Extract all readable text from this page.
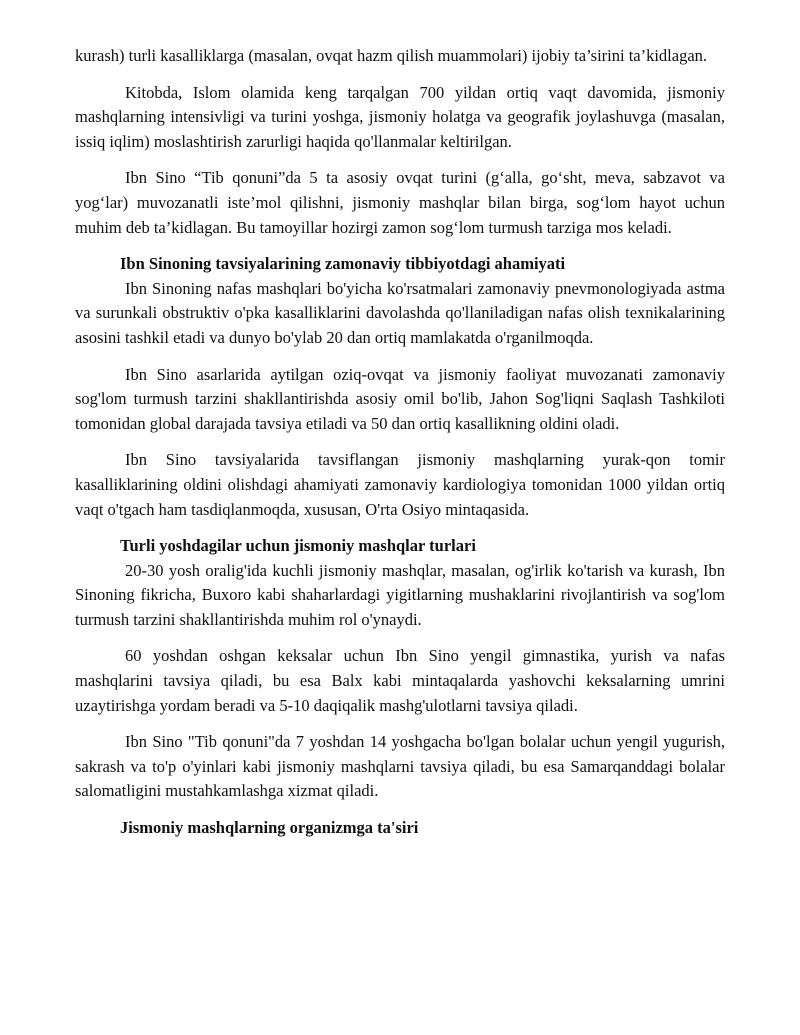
kurash) turli kasalliklarga (masalan, ovqat hazm qilish muammolari) ijobiy ta’sirini ta’kidlagan.

Kitobda, Islom olamida keng tarqalgan 700 yildan ortiq vaqt davomida, jismoniy mashqlarning intensivligi va turini yoshga, jismoniy holatga va geografik joylashuvga (masalan, issiq iqlim) moslashtirish zarurligi haqida qo'llanmalar keltirilgan.

Ibn Sino “Tib qonuni”da 5 ta asosiy ovqat turini (g‘alla, go‘sht, meva, sabzavot va yog‘lar) muvozanatli iste’mol qilishni, jismoniy mashqlar bilan birga, sog‘lom hayot uchun muhim deb ta’kidlagan. Bu tamoyillar hozirgi zamon sog‘lom turmush tarziga mos keladi.

Ibn Sinoning tavsiyalarining zamonaviy tibbiyotdagi ahamiyati

Ibn Sinoning nafas mashqlari bo'yicha ko'rsatmalari zamonaviy pnevmonologiyada astma va surunkali obstruktiv o'pka kasalliklarini davolashda qo'llaniladigan nafas olish texnikalarining asosini tashkil etadi va dunyo bo'ylab 20 dan ortiq mamlakatda o'rganilmoqda.

Ibn Sino asarlarida aytilgan oziq-ovqat va jismoniy faoliyat muvozanati zamonaviy sog'lom turmush tarzini shakllantirishda asosiy omil bo'lib, Jahon Sog'liqni Saqlash Tashkiloti tomonidan global darajada tavsiya etiladi va 50 dan ortiq kasallikning oldini oladi.

Ibn Sino tavsiyalarida tavsiflangan jismoniy mashqlarning yurak-qon tomir kasalliklarining oldini olishdagi ahamiyati zamonaviy kardiologiya tomonidan 1000 yildan ortiq vaqt o'tgach ham tasdiqlanmoqda, xususan, O'rta Osiyo mintaqasida.

Turli yoshdagilar uchun jismoniy mashqlar turlari

20-30 yosh oralig'ida kuchli jismoniy mashqlar, masalan, og'irlik ko'tarish va kurash, Ibn Sinoning fikricha, Buxoro kabi shaharlardagi yigitlarning mushaklarini rivojlantirish va sog'lom turmush tarzini shakllantirishda muhim rol o'ynaydi.

60 yoshdan oshgan keksalar uchun Ibn Sino yengil gimnastika, yurish va nafas mashqlarini tavsiya qiladi, bu esa Balx kabi mintaqalarda yashovchi keksalarning umrini uzaytirishga yordam beradi va 5-10 daqiqalik mashg'ulotlarni tavsiya qiladi.

Ibn Sino "Tib qonuni"da 7 yoshdan 14 yoshgacha bo'lgan bolalar uchun yengil yugurish, sakrash va to'p o'yinlari kabi jismoniy mashqlarni tavsiya qiladi, bu esa Samarqanddagi bolalar salomatligini mustahkamlashga xizmat qiladi.

Jismoniy mashqlarning organizmga ta'siri
